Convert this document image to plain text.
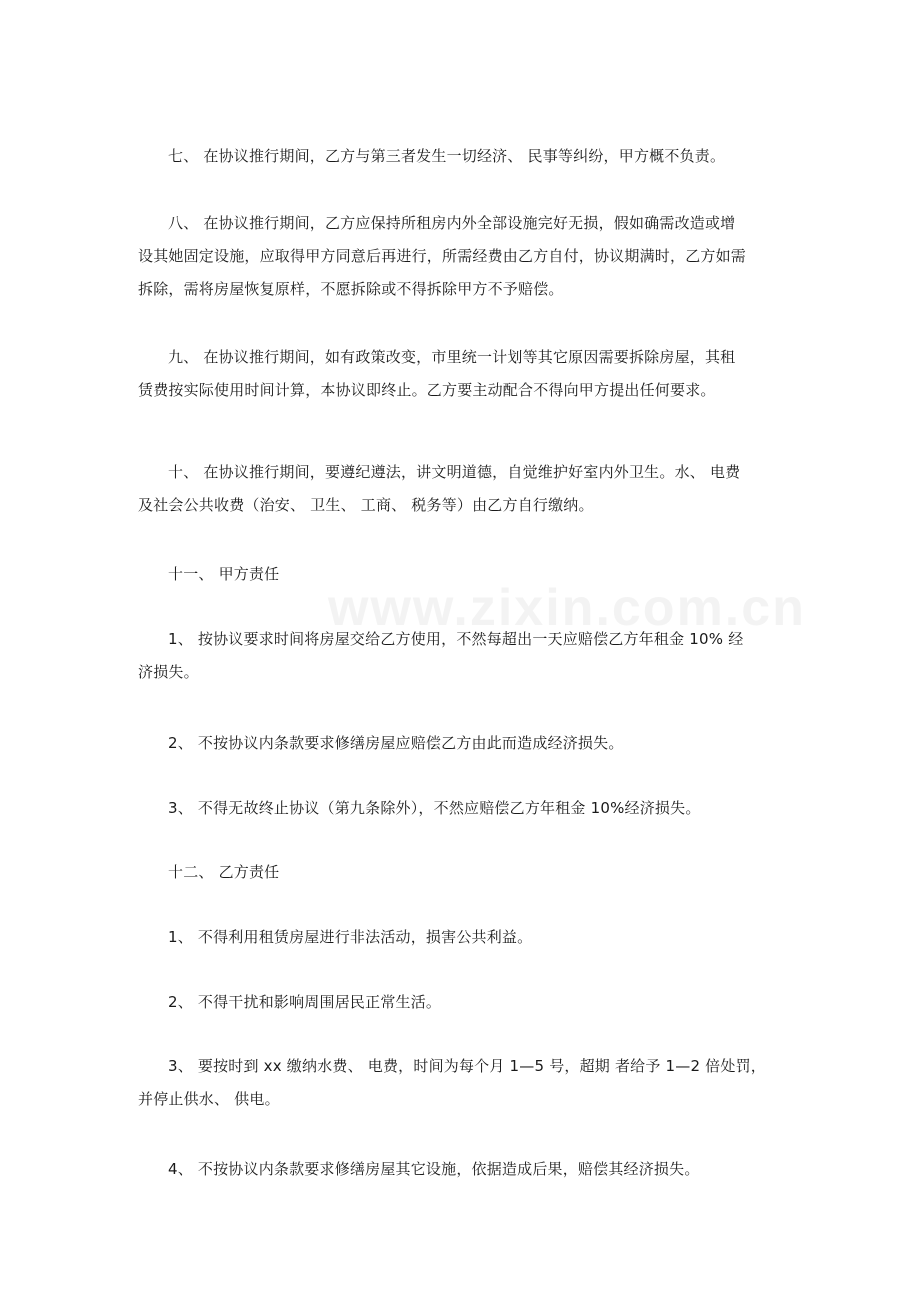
www.zixin.com.cn

七、 在协议推行期间，乙方与第三者发生一切经济、 民事等纠纷，甲方概不负责。

八、 在协议推行期间，乙方应保持所租房内外全部设施完好无损，假如确需改造或增
设其她固定设施，应取得甲方同意后再进行，所需经费由乙方自付，协议期满时，乙方如需
拆除，需将房屋恢复原样，不愿拆除或不得拆除甲方不予赔偿。

九、 在协议推行期间，如有政策改变，市里统一计划等其它原因需要拆除房屋，其租
赁费按实际使用时间计算，本协议即终止。乙方要主动配合不得向甲方提出任何要求。

十、 在协议推行期间，要遵纪遵法，讲文明道德，自觉维护好室内外卫生。水、 电费
及社会公共收费（治安、 卫生、 工商、 税务等）由乙方自行缴纳。

十一、 甲方责任

1、 按协议要求时间将房屋交给乙方使用，不然每超出一天应赔偿乙方年租金 10% 经
济损失。

2、 不按协议内条款要求修缮房屋应赔偿乙方由此而造成经济损失。

3、 不得无故终止协议（第九条除外），不然应赔偿乙方年租金 10%经济损失。

十二、 乙方责任

1、 不得利用租赁房屋进行非法活动，损害公共利益。

2、 不得干扰和影响周围居民正常生活。

3、 要按时到 xx 缴纳水费、 电费，时间为每个月 1—5 号，超期 者给予 1—2 倍处罚，
并停止供水、 供电。

4、 不按协议内条款要求修缮房屋其它设施，依据造成后果，赔偿其经济损失。
